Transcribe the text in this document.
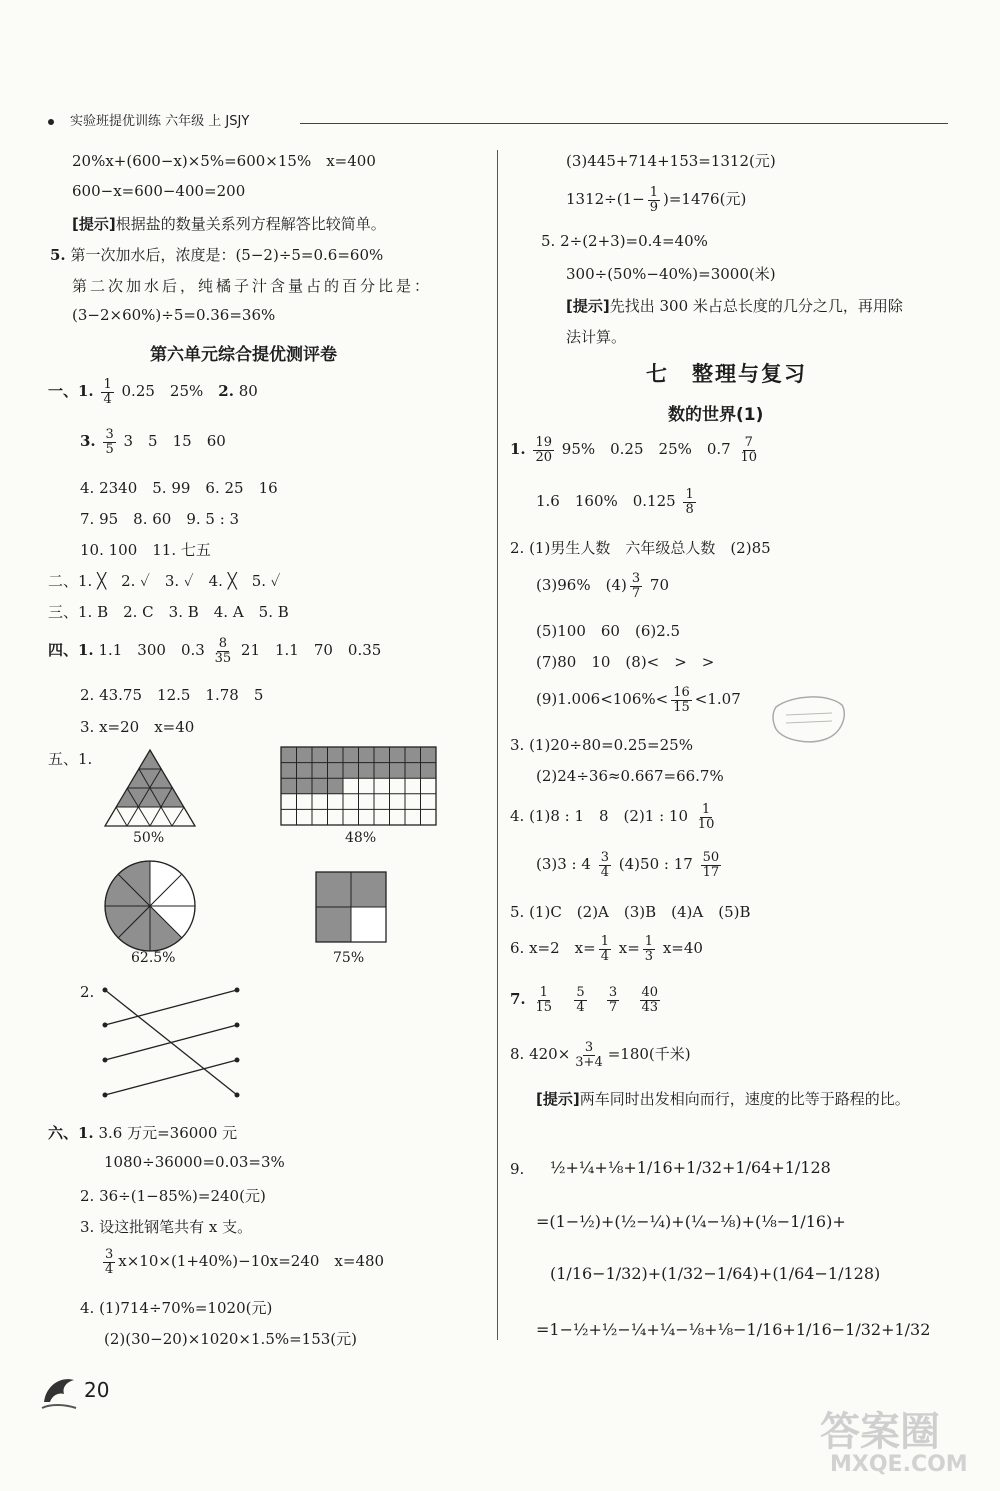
实验班提优训练 六年级 上 JSJY
20%x+(600−x)×5%=600×15%　x=400
600−x=600−400=200
[提示]根据盐的数量关系列方程解答比较简单。
5. 第一次加水后，浓度是：(5−2)÷5=0.6=60%
第二次加水后，纯橘子汁含量占的百分比是：
(3−2×60%)÷5=0.36=36%
第六单元综合提优测评卷
一、1. $\frac{1}{4} 0.25$　25%　2. 80
3. $\frac{3}{5} 3$　5　15　60
4. 2340　5. 99　6. 25　16
7. 95　8. 60　9. 5 : 3
10. 100　11. 七五
二、1. ╳　2. ✓　3. ✓　4. ╳　5. ✓
三、1. B　2. C　3. B　4. A　5. B
四、1. 1.1　300　$0.3 \frac{8}{35} 21$　1.1　70　0.35
2. 43.75　12.5　1.78　5
3. x=20　x=40
五、1.
50%	48%
62.5%	75%
2.
六、1. 3.6 万元=36000 元
1080÷36000=0.03=3%
2. 36÷(1−85%)=240(元)
3. 设这批钢笔共有 x 支。
$\frac{3}{4} x\times 10\times(1+40\%)-10x=240$　x=480
4. (1)714÷70%=1020(元)
(2)(30−20)×1020×1.5%=153(元)
20
(3)445+714+153=1312(元)
$1312\div(1- \frac{1}{9} )=1476$(元)
5. 2÷(2+3)=0.4=40%
300÷(50%−40%)=3000(米)
[提示]先找出 300 米占总长度的几分之几，再用除
法计算。
七　整理与复习
数的世界(1)
1. $\frac{19}{20} 95\%$　0.25　25%　$0.7 \frac{7}{10}$
1.6　160%　$0.125 \frac{1}{8}$
2. (1)男生人数　六年级总人数　(2)85
(3)96%　$(4) \frac{3}{7} 70$
(5)100　60　(6)2.5
(7)80　10　(8)<　>　>
$(9)1.006<106\%< \frac{16}{15} <1.07$
3. (1)20÷80=0.25=25%
(2)24÷36≈0.667=66.7%
4. (1)8 : 1　8　(2)1 : $10 \frac{1}{10}$
(3)3 : $4 \frac{3}{4} (4)50$ : $17 \frac{50}{17}$
5. (1)C　(2)A　(3)B　(4)A　(5)B
6. x=2　$x= \frac{1}{4} x= \frac{1}{3} x=40$
7. $\frac{1}{15}$
$\frac{5}{4}$
$\frac{3}{7}$
$\frac{40}{43}$
8. $420\times \frac{3}{3+4} =180$(千米)
[提示]两车同时出发相向而行，速度的比等于路程的比。
9. ½+¼+⅛+1/16+1/32+1/64+1/128
=(1−½)+(½−¼)+(¼−⅛)+(⅛−1/16)+
(1/16−1/32)+(1/32−1/64)+(1/64−1/128)
=1−½+½−¼+¼−⅛+⅛−1/16+1/16−1/32+1/32
答案圈
MXQE.COM
